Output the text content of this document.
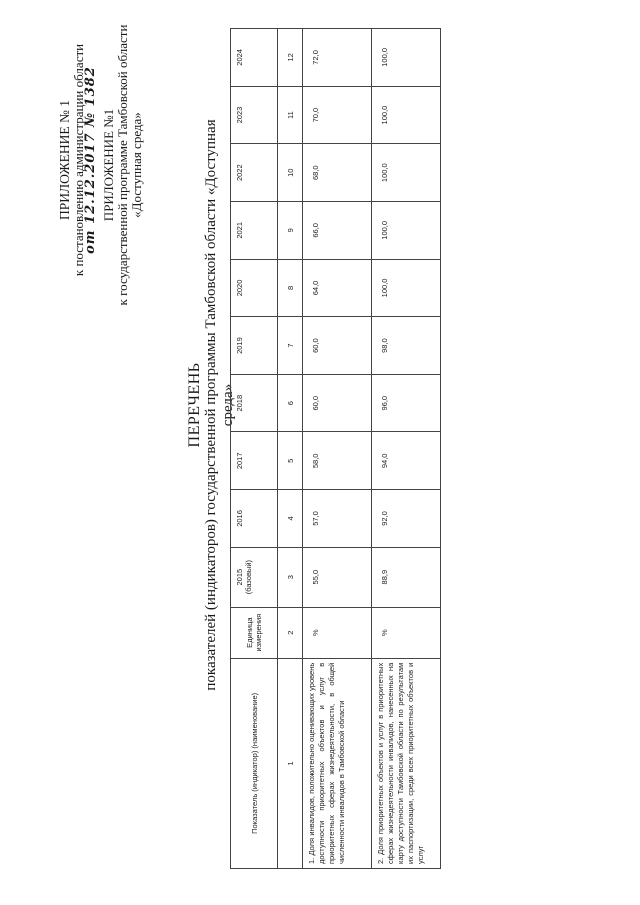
ПРИЛОЖЕНИЕ № 1 к постановлению администрации области
от 12.12.2017 № 1382 ПРИЛОЖЕНИЕ №1 к государственной программе Тамбовской области «Доступная среда»
ПЕРЕЧЕНЬ показателей (индикаторов) государственной программы Тамбовской области «Доступная среда»
Показатель (индикатор) (наименование)	Единица измерения	2015 (базовый)	2016	2017	2018	2019	2020	2021	2022	2023	2024
1	2	3	4	5	6	7	8	9	10	11	12
1. Доля инвалидов, положительно оценивающих уровень доступности приоритетных объектов и услуг в приоритетных сферах жизнедеятельности, в общей численности инвалидов в Тамбовской области	%	55,0	57,0	58,0	60,0	60,0	64,0	66,0	68,0	70,0	72,0
2. Доля приоритетных объектов и услуг в приоритетных сферах жизнедеятельности инвалидов, нанесенных на карту доступности Тамбовской области по результатам их паспортизации, среди всех приоритетных объектов и услуг	%	88,9	92,0	94,0	96,0	98,0	100,0	100,0	100,0	100,0	100,0
